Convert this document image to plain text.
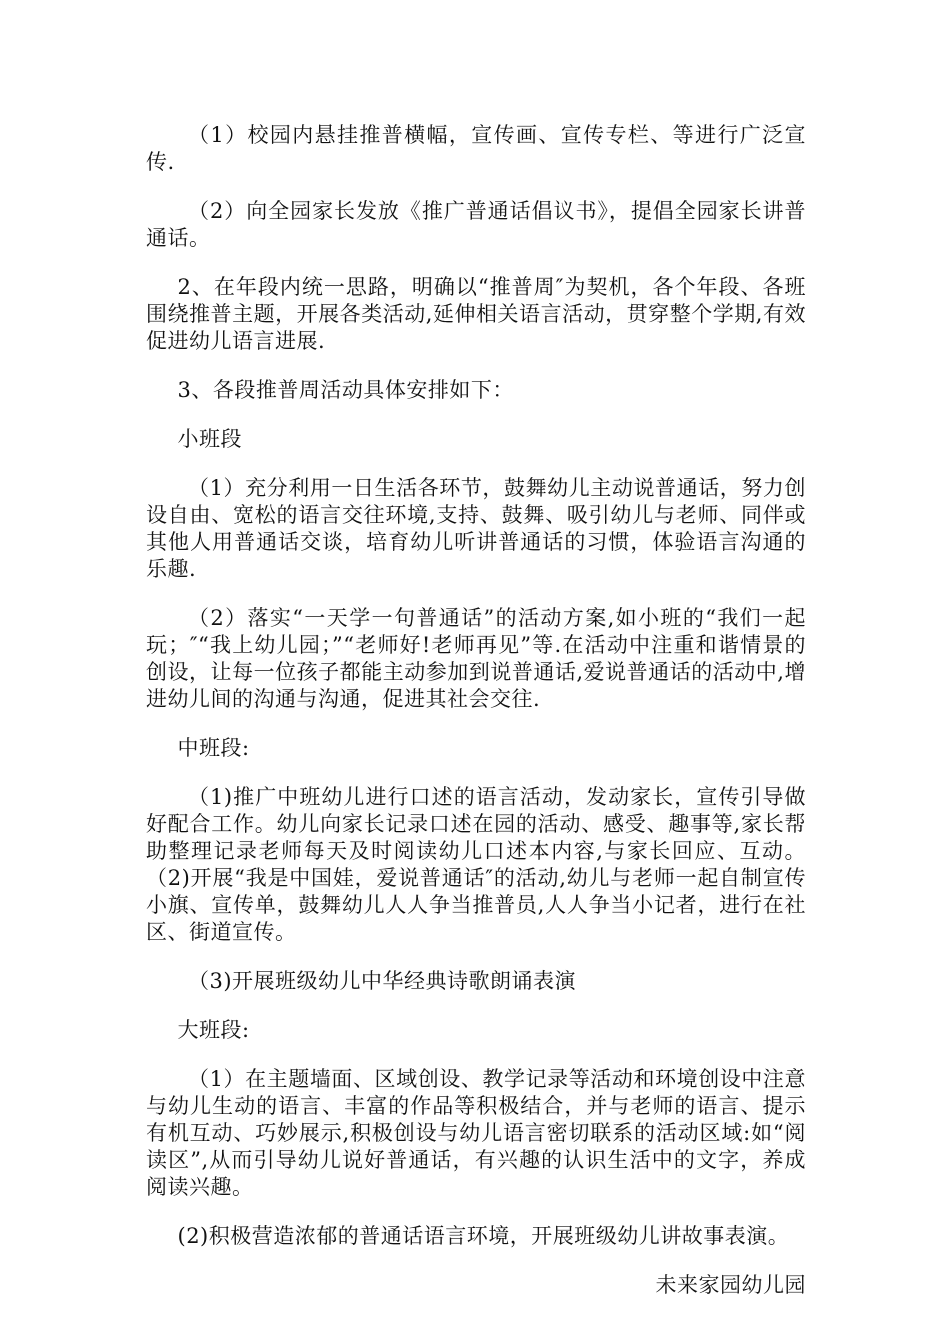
（1）校园内悬挂推普横幅，宣传画、宣传专栏、等进行广泛宣传.

（2）向全园家长发放《推广普通话倡议书》，提倡全园家长讲普通话。

2、在年段内统一思路，明确以“推普周″为契机，各个年段、各班围绕推普主题，开展各类活动,延伸相关语言活动，贯穿整个学期,有效促进幼儿语言进展.

3、各段推普周活动具体安排如下：

小班段

（1）充分利用一日生活各环节，鼓舞幼儿主动说普通话，努力创设自由、宽松的语言交往环境,支持、鼓舞、吸引幼儿与老师、同伴或其他人用普通话交谈，培育幼儿听讲普通话的习惯，体验语言沟通的乐趣.

（2）落实“一天学一句普通话”的活动方案,如小班的“我们一起玩；″“我上幼儿园；”“老师好!老师再见”等.在活动中注重和谐情景的创设，让每一位孩子都能主动参加到说普通话,爱说普通话的活动中,增进幼儿间的沟通与沟通，促进其社会交往.

中班段:

（1)推广中班幼儿进行口述的语言活动，发动家长，宣传引导做好配合工作。幼儿向家长记录口述在园的活动、感受、趣事等,家长帮助整理记录老师每天及时阅读幼儿口述本内容,与家长回应、互动。（2)开展“我是中国娃，爱说普通话″的活动,幼儿与老师一起自制宣传小旗、宣传单，鼓舞幼儿人人争当推普员,人人争当小记者，进行在社区、街道宣传。

（3)开展班级幼儿中华经典诗歌朗诵表演

大班段:

（1）在主题墙面、区域创设、教学记录等活动和环境创设中注意与幼儿生动的语言、丰富的作品等积极结合，并与老师的语言、提示有机互动、巧妙展示,积极创设与幼儿语言密切联系的活动区域:如“阅读区”,从而引导幼儿说好普通话，有兴趣的认识生活中的文字，养成阅读兴趣。

(2)积极营造浓郁的普通话语言环境，开展班级幼儿讲故事表演。

未来家园幼儿园
